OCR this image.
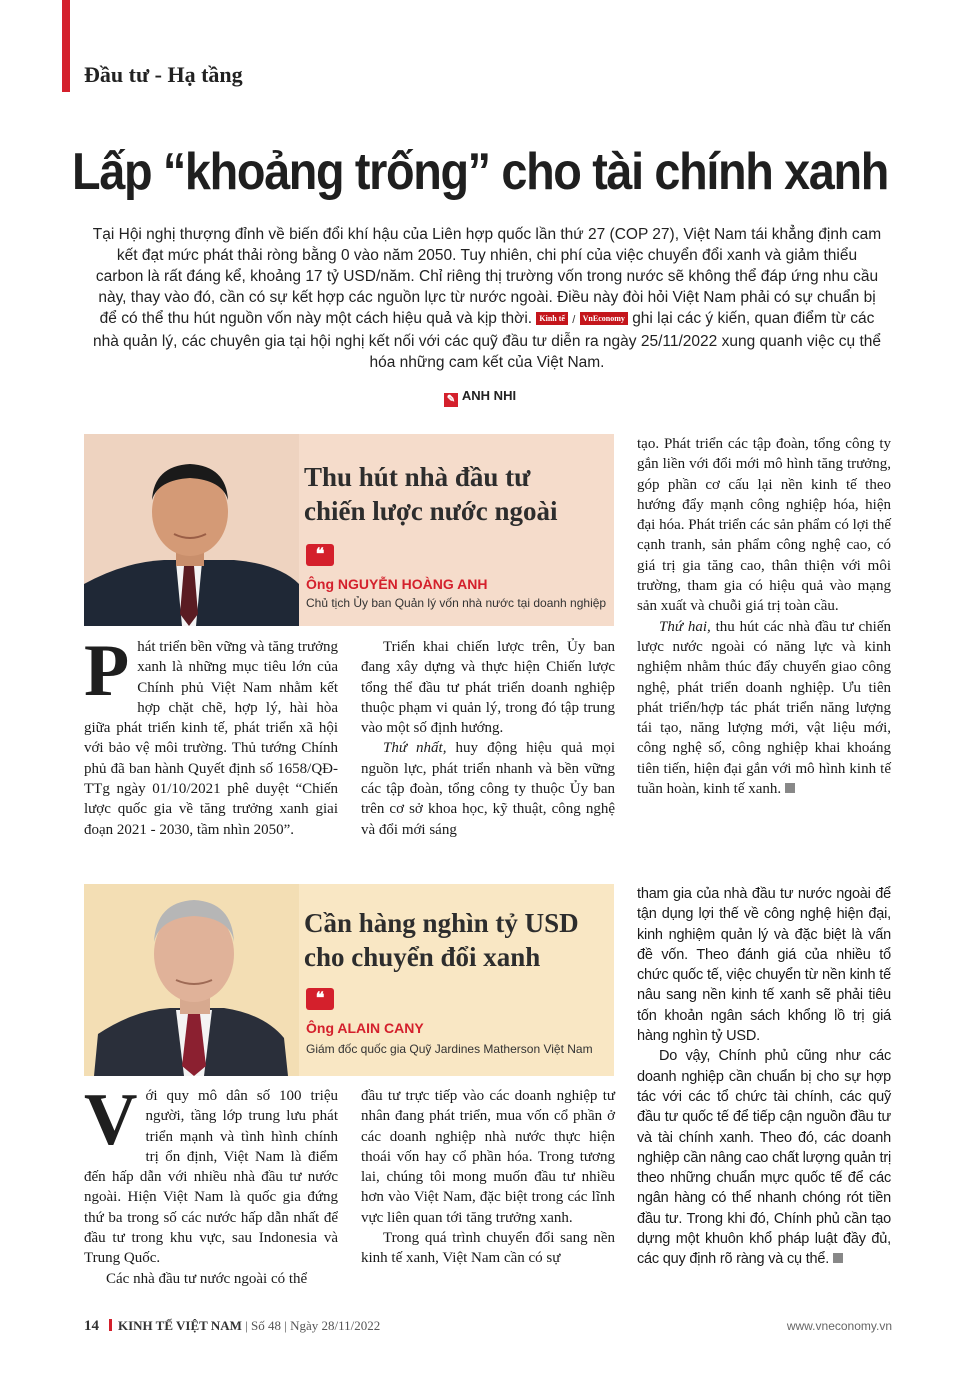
Đầu tư - Hạ tầng
Lấp “khoảng trống” cho tài chính xanh
Tại Hội nghị thượng đỉnh về biến đổi khí hậu của Liên hợp quốc lần thứ 27 (COP 27), Việt Nam tái khẳng định cam kết đạt mức phát thải ròng bằng 0 vào năm 2050. Tuy nhiên, chi phí của việc chuyển đổi xanh và giảm thiểu carbon là rất đáng kể, khoảng 17 tỷ USD/năm. Chỉ riêng thị trường vốn trong nước sẽ không thể đáp ứng nhu cầu này, thay vào đó, cần có sự kết hợp các nguồn lực từ nước ngoài. Điều này đòi hỏi Việt Nam phải có sự chuẩn bị để có thể thu hút nguồn vốn này một cách hiệu quả và kịp thời. Kinh tế / VnEconomy ghi lại các ý kiến, quan điểm từ các nhà quản lý, các chuyên gia tại hội nghị kết nối với các quỹ đầu tư diễn ra ngày 25/11/2022 xung quanh việc cụ thể hóa những cam kết của Việt Nam.
✎ ANH NHI
Thu hút nhà đầu tư
chiến lược nước ngoài
❝
Ông NGUYỄN HOÀNG ANH
Chủ tịch Ủy ban Quản lý vốn nhà nước tại doanh nghiệp

Phát triển bền vững và tăng trưởng xanh là những mục tiêu lớn của Chính phủ Việt Nam nhằm kết hợp chặt chẽ, hợp lý, hài hòa giữa phát triển kinh tế, phát triển xã hội với bảo vệ môi trường. Thủ tướng Chính phủ đã ban hành Quyết định số 1658/QĐ-TTg ngày 01/10/2021 phê duyệt “Chiến lược quốc gia về tăng trưởng xanh giai đoạn 2021 - 2030, tầm nhìn 2050”.

Triển khai chiến lược trên, Ủy ban đang xây dựng và thực hiện Chiến lược tổng thể đầu tư phát triển doanh nghiệp thuộc phạm vi quản lý, trong đó tập trung vào một số định hướng.

Thứ nhất, huy động hiệu quả mọi nguồn lực, phát triển nhanh và bền vững các tập đoàn, tổng công ty thuộc Ủy ban trên cơ sở khoa học, kỹ thuật, công nghệ và đổi mới sáng

tạo. Phát triển các tập đoàn, tổng công ty gắn liền với đổi mới mô hình tăng trưởng, góp phần cơ cấu lại nền kinh tế theo hướng đẩy mạnh công nghiệp hóa, hiện đại hóa. Phát triển các sản phẩm có lợi thế cạnh tranh, sản phẩm công nghệ cao, có giá trị gia tăng cao, thân thiện với môi trường, tham gia có hiệu quả vào mạng sản xuất và chuỗi giá trị toàn cầu.

Thứ hai, thu hút các nhà đầu tư chiến lược nước ngoài có năng lực và kinh nghiệm nhằm thúc đẩy chuyển giao công nghệ, phát triển doanh nghiệp. Ưu tiên phát triển/hợp tác phát triển năng lượng tái tạo, năng lượng mới, vật liệu mới, công nghệ số, công nghiệp khai khoáng tiên tiến, hiện đại gắn với mô hình kinh tế tuần hoàn, kinh tế xanh.

Cần hàng nghìn tỷ USD
cho chuyển đổi xanh
❝
Ông ALAIN CANY
Giám đốc quốc gia Quỹ Jardines Matherson Việt Nam

Với quy mô dân số 100 triệu người, tầng lớp trung lưu phát triển mạnh và tình hình chính trị ổn định, Việt Nam là điểm đến hấp dẫn với nhiều nhà đầu tư nước ngoài. Hiện Việt Nam là quốc gia đứng thứ ba trong số các nước hấp dẫn nhất để đầu tư trong khu vực, sau Indonesia và Trung Quốc.

Các nhà đầu tư nước ngoài có thể

đầu tư trực tiếp vào các doanh nghiệp tư nhân đang phát triển, mua vốn cổ phần ở các doanh nghiệp nhà nước thực hiện thoái vốn hay cổ phần hóa. Trong tương lai, chúng tôi mong muốn đầu tư nhiều hơn vào Việt Nam, đặc biệt trong các lĩnh vực liên quan tới tăng trưởng xanh.

Trong quá trình chuyển đổi sang nền kinh tế xanh, Việt Nam cần có sự

tham gia của nhà đầu tư nước ngoài để tận dụng lợi thế về công nghệ hiện đại, kinh nghiệm quản lý và đặc biệt là vấn đề vốn. Theo đánh giá của nhiều tổ chức quốc tế, việc chuyển từ nền kinh tế nâu sang nền kinh tế xanh sẽ phải tiêu tốn khoản ngân sách khổng lồ trị giá hàng nghìn tỷ USD.

Do vậy, Chính phủ cũng như các doanh nghiệp cần chuẩn bị cho sự hợp tác với các tổ chức tài chính, các quỹ đầu tư quốc tế để tiếp cận nguồn đầu tư và tài chính xanh. Theo đó, các doanh nghiệp cần nâng cao chất lượng quản trị theo những chuẩn mực quốc tế để các ngân hàng có thể nhanh chóng rót tiền đầu tư. Trong khi đó, Chính phủ cần tạo dựng một khuôn khổ pháp luật đầy đủ, các quy định rõ ràng và cụ thể.

14 KINH TẾ VIỆT NAM | Số 48 | Ngày 28/11/2022	www.vneconomy.vn
